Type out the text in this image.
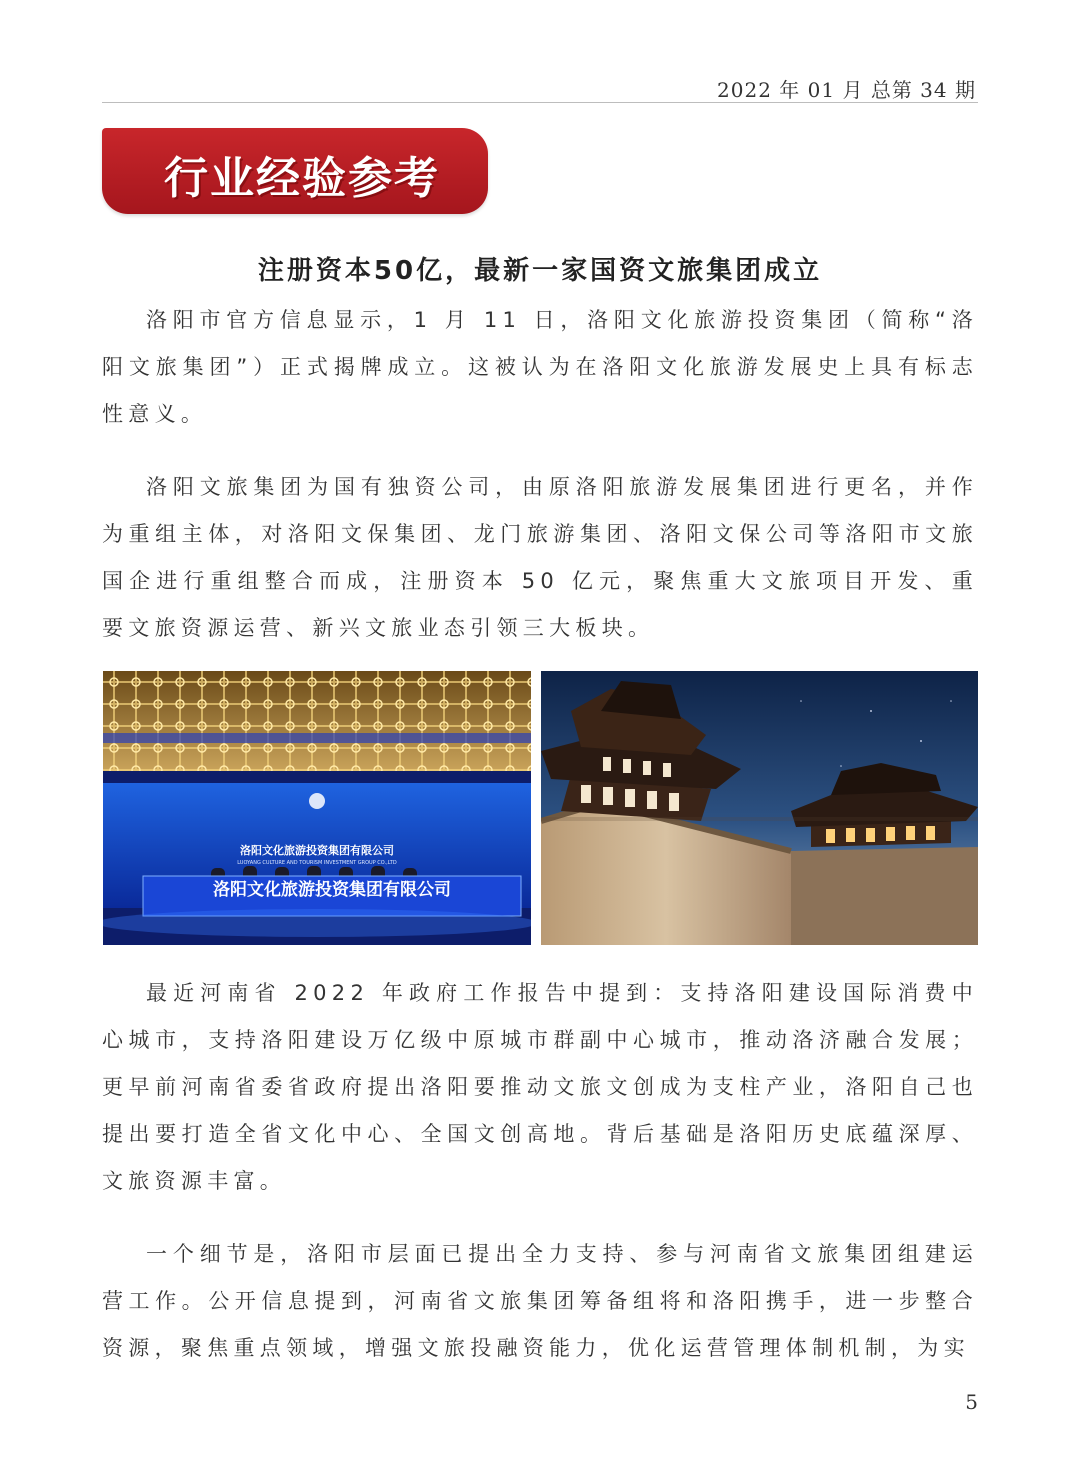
2022 年 01 月 总第 34 期
行业经验参考
注册资本50亿，最新一家国资文旅集团成立

洛阳市官方信息显示，1 月 11 日，洛阳文化旅游投资集团（简称“洛阳文旅集团”）正式揭牌成立。这被认为在洛阳文化旅游发展史上具有标志性意义。

洛阳文旅集团为国有独资公司，由原洛阳旅游发展集团进行更名，并作为重组主体，对洛阳文保集团、龙门旅游集团、洛阳文保公司等洛阳市文旅国企进行重组整合而成，注册资本 50 亿元，聚焦重大文旅项目开发、重要文旅资源运营、新兴文旅业态引领三大板块。

洛阳文化旅游投资集团有限公司
LUOYANG CULTURE AND TOURISM INVESTMENT GROUP CO.,LTD
洛阳文化旅游投资集团有限公司

最近河南省 2022 年政府工作报告中提到：支持洛阳建设国际消费中心城市，支持洛阳建设万亿级中原城市群副中心城市，推动洛济融合发展；更早前河南省委省政府提出洛阳要推动文旅文创成为支柱产业，洛阳自己也提出要打造全省文化中心、全国文创高地。背后基础是洛阳历史底蕴深厚、文旅资源丰富。

一个细节是，洛阳市层面已提出全力支持、参与河南省文旅集团组建运营工作。公开信息提到，河南省文旅集团筹备组将和洛阳携手，进一步整合资源，聚焦重点领域，增强文旅投融资能力，优化运营管理体制机制，为实

5
